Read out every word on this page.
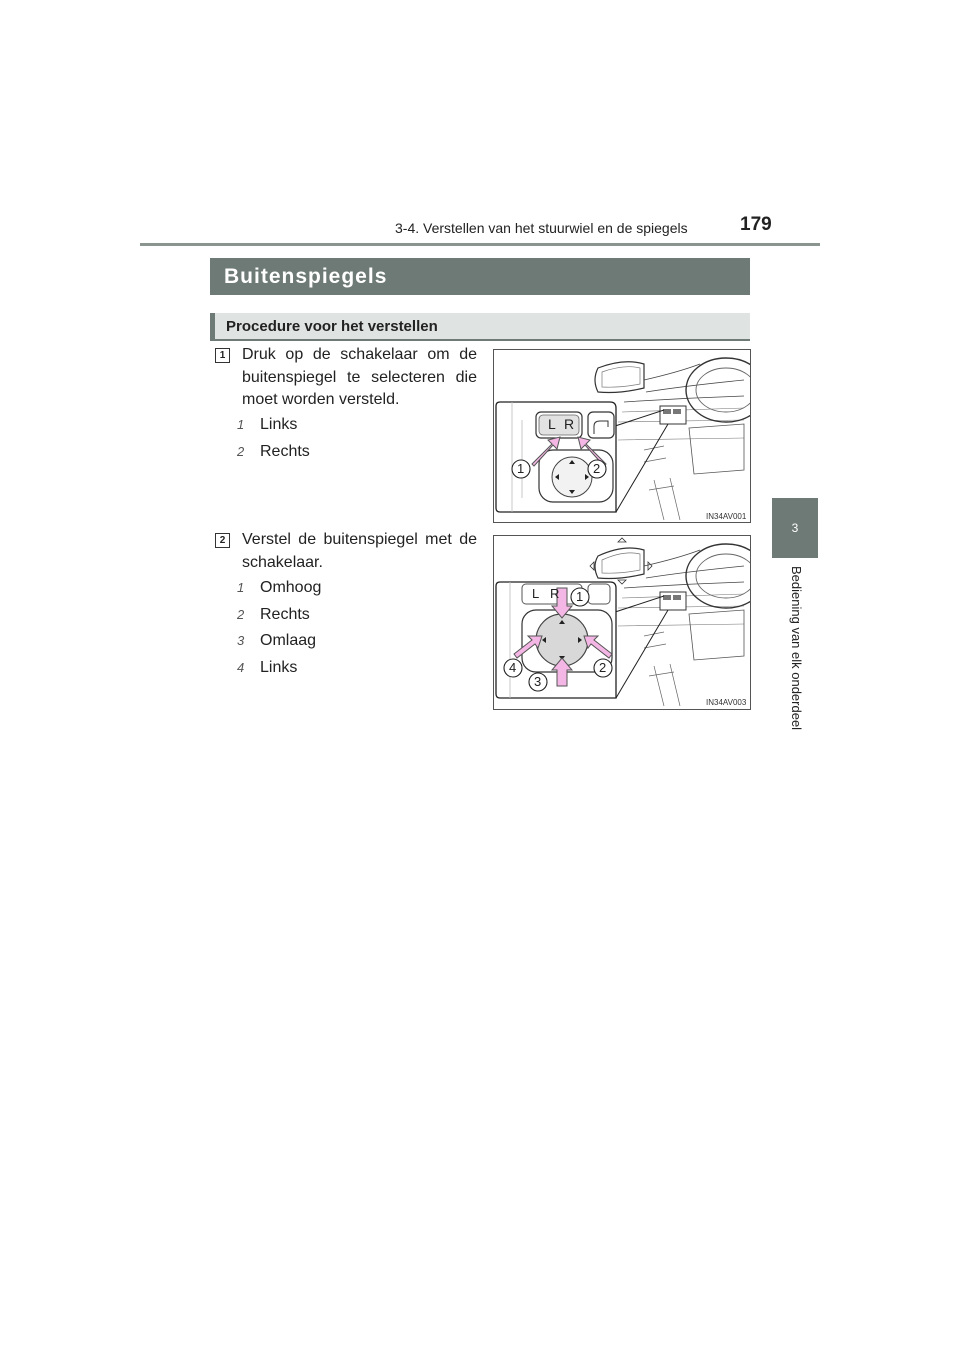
3-4. Verstellen van het stuurwiel en de spiegels	179
3
Bediening van elk onderdeel
Buitenspiegels
Procedure voor het verstellen
1 Druk op de schakelaar om de buitenspiegel te selecteren die moet worden versteld.
1 Links
2 Rechts
L R
1	2
IN34AV001
2 Verstel de buitenspiegel met de schakelaar.
1 Omhoog
2 Rechts
3 Omlaag
4 Links
L R 1
2
3
4
IN34AV003
